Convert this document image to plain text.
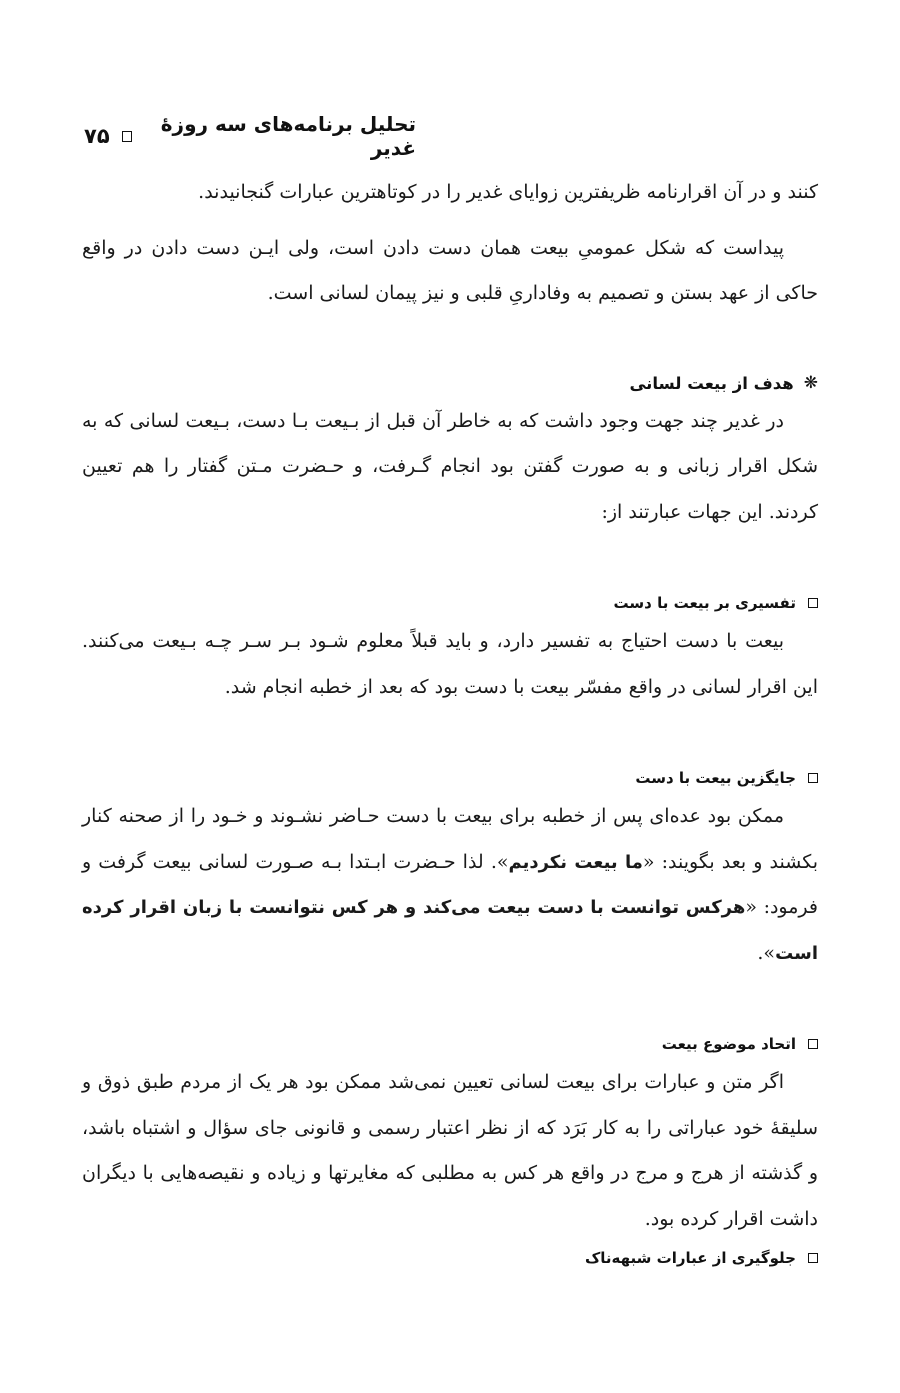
تحلیل برنامه‌های سه روزهٔ غدیر
۷۵

کنند و در آن اقرارنامه ظریفترین زوایای غدیر را در کوتاهترین عبارات گنجانیدند.

پیداست که شکل عمومیِ بیعت همان دست دادن است، ولی ایـن دست دادن در واقع حاکی از عهد بستن و تصمیم به وفاداریِ قلبی و نیز پیمان لسانی است.

❋
هدف از بیعت لسانی

در غدیر چند جهت وجود داشت که به خاطر آن قبل از بـیعت بـا دست، بـیعت لسانی که به شکل اقرار زبانی و به صورت گفتن بود انجام گـرفت، و حـضرت مـتن گفتار را هم تعیین کردند. این جهات عبارتند از:

تفسیری بر بیعت با دست

بیعت با دست احتیاج به تفسیر دارد، و باید قبلاً معلوم شـود بـر سـر چـه بـیعت می‌کنند. این اقرار لسانی در واقع مفسّر بیعت با دست بود که بعد از خطبه انجام شد.

جایگزین بیعت با دست

ممکن بود عده‌ای پس از خطبه برای بیعت با دست حـاضر نشـوند و خـود را از صحنه کنار بکشند و بعد بگویند: «ما بیعت نکردیم». لذا حـضرت ابـتدا بـه صـورت لسانی بیعت گرفت و فرمود: «هرکس توانست با دست بیعت می‌کند و هر کس نتوانست با زبان اقرار کرده است».

اتحاد موضوع بیعت

اگر متن و عبارات برای بیعت لسانی تعیین نمی‌شد ممکن بود هر یک از مردم طبق ذوق و سلیقهٔ خود عباراتی را به کار بَرَد که از نظر اعتبار رسمی و قانونی جای سؤال و اشتباه باشد، و گذشته از هرج و مرج در واقع هر کس به مطلبی که مغایرتها و زیاده و نقیصه‌هایی با دیگران داشت اقرار کرده بود.

جلوگیری از عبارات شبهه‌ناک
